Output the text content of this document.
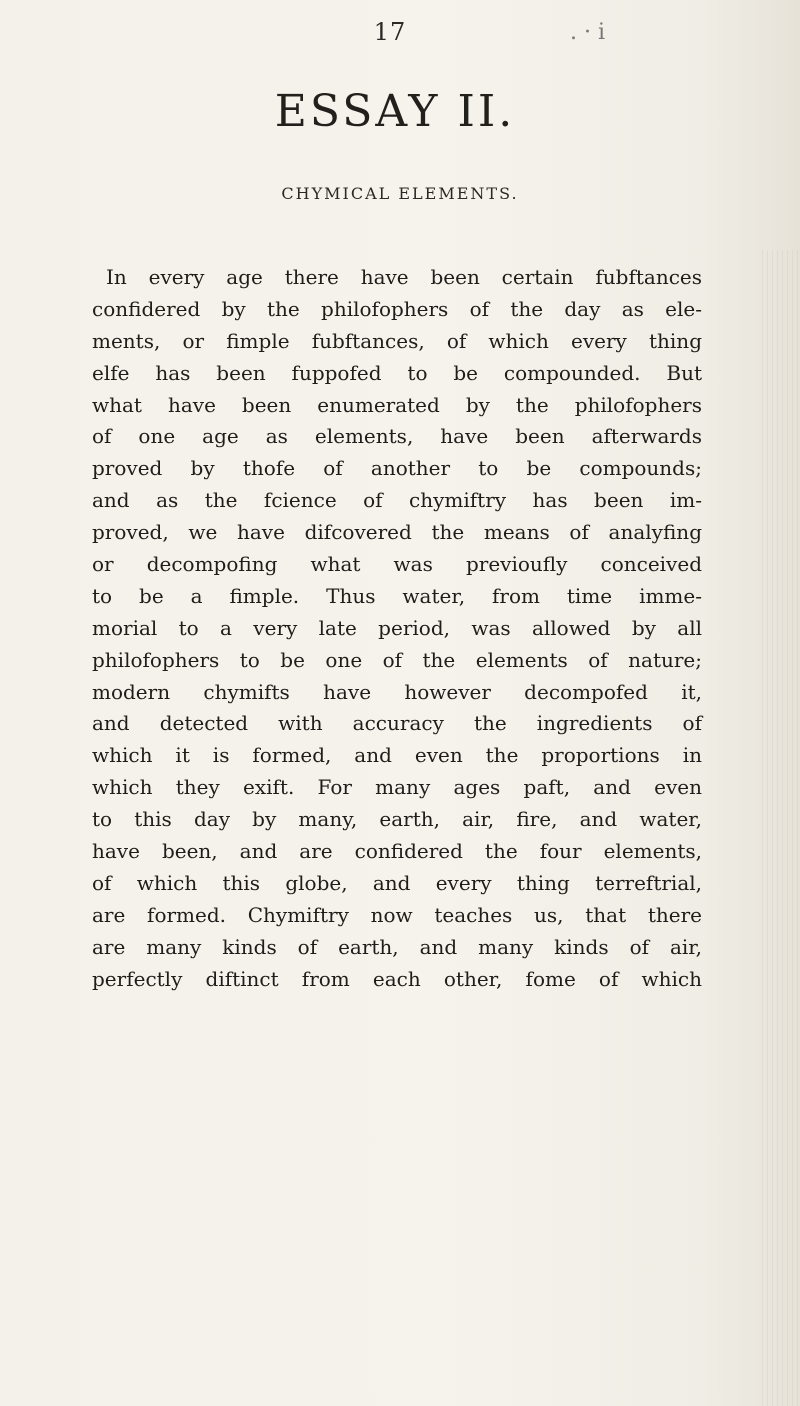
17	. · i
ESSAY II.
CHYMICAL ELEMENTS.
In every age there have been certain fubftances
confidered by the philofophers of the day as ele-
ments, or fimple fubftances, of which every thing
elfe has been fuppofed to be compounded. But
what have been enumerated by the philofophers
of one age as elements, have been afterwards
proved by thofe of another to be compounds;
and as the fcience of chymiftry has been im-
proved, we have difcovered the means of analyfing
or decompofing what was previoufly conceived
to be a fimple. Thus water, from time imme-
morial to a very late period, was allowed by all
philofophers to be one of the elements of nature;
modern chymifts have however decompofed it,
and detected with accuracy the ingredients of
which it is formed, and even the proportions in
which they exift. For many ages paft, and even
to this day by many, earth, air, fire, and water,
have been, and are confidered the four elements,
of which this globe, and every thing terreftrial,
are formed. Chymiftry now teaches us, that there
are many kinds of earth, and many kinds of air,
perfectly diftinct from each other, fome of which
